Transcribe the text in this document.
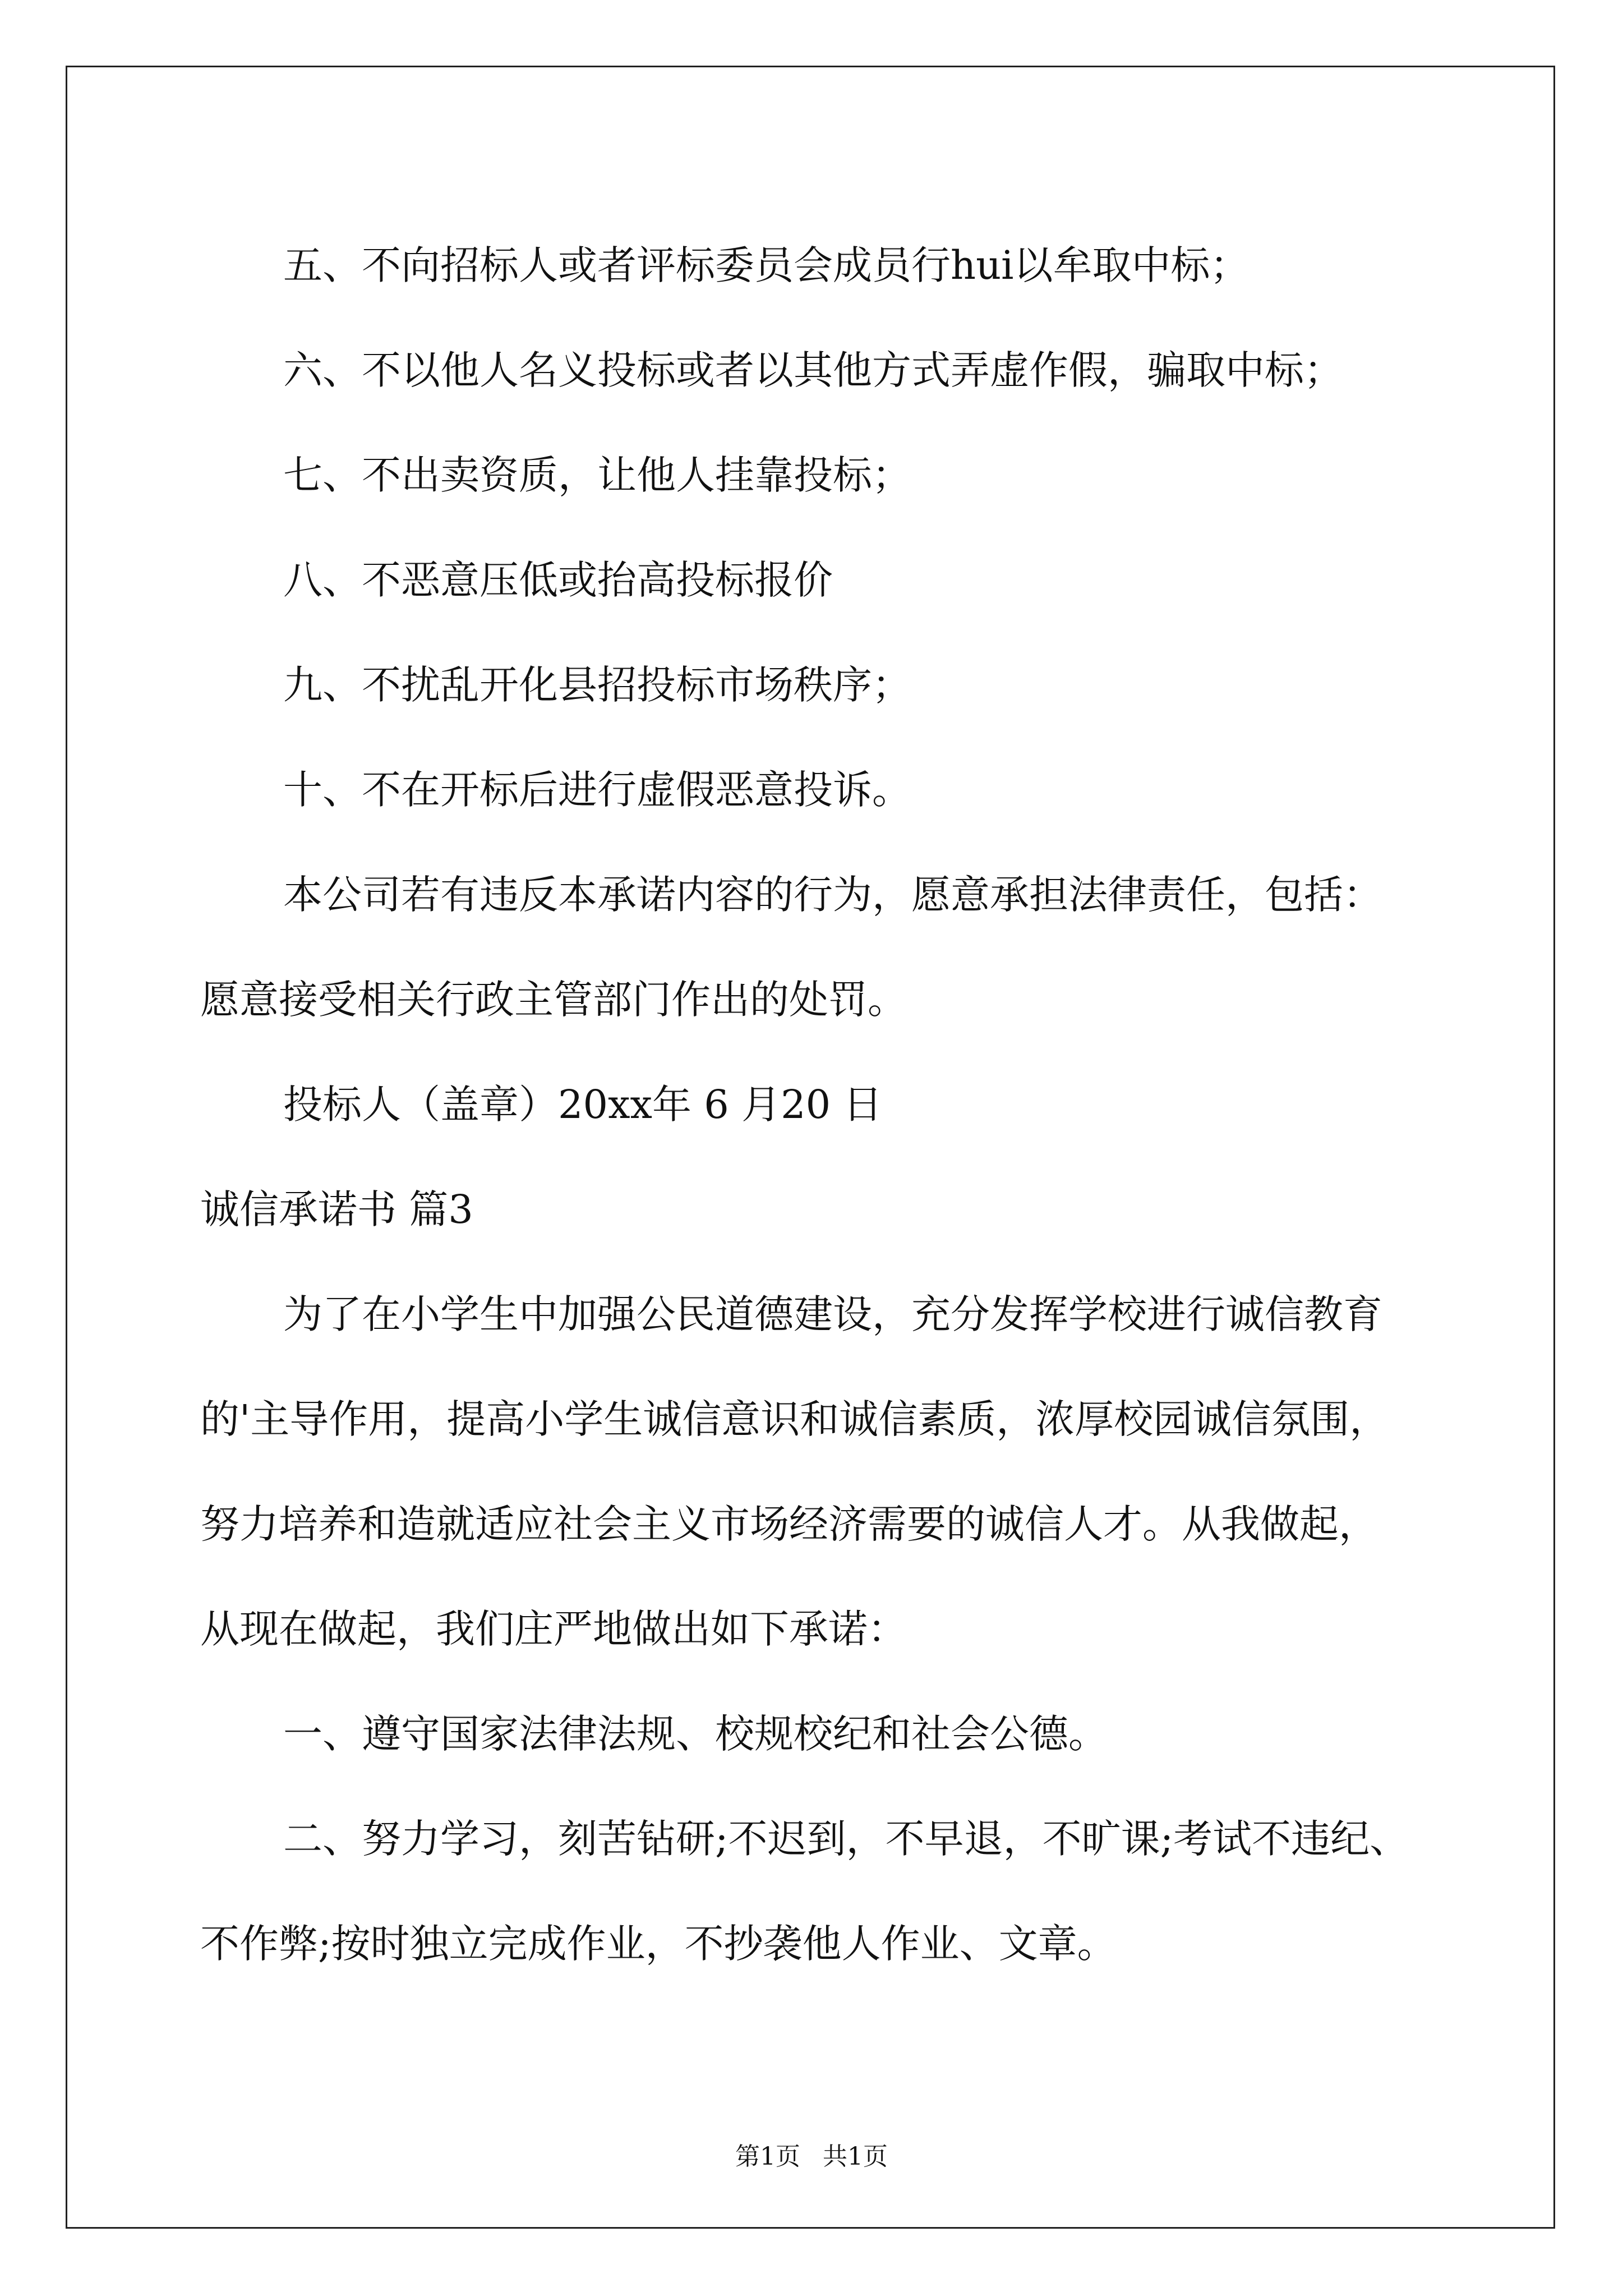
五、不向招标人或者评标委员会成员行hui以牟取中标；

六、不以他人名义投标或者以其他方式弄虚作假，骗取中标；

七、不出卖资质，让他人挂靠投标；

八、不恶意压低或抬高投标报价

九、不扰乱开化县招投标市场秩序；

十、不在开标后进行虚假恶意投诉。

本公司若有违反本承诺内容的行为，愿意承担法律责任，包括：

愿意接受相关行政主管部门作出的处罚。

投标人（盖章）20xx年 6 月20 日

诚信承诺书 篇3

为了在小学生中加强公民道德建设，充分发挥学校进行诚信教育

的'主导作用，提高小学生诚信意识和诚信素质，浓厚校园诚信氛围，

努力培养和造就适应社会主义市场经济需要的诚信人才。从我做起，

从现在做起，我们庄严地做出如下承诺：

一、遵守国家法律法规、校规校纪和社会公德。

二、努力学习，刻苦钻研;不迟到，不早退，不旷课;考试不违纪、

不作弊;按时独立完成作业，不抄袭他人作业、文章。

第1页 共1页
